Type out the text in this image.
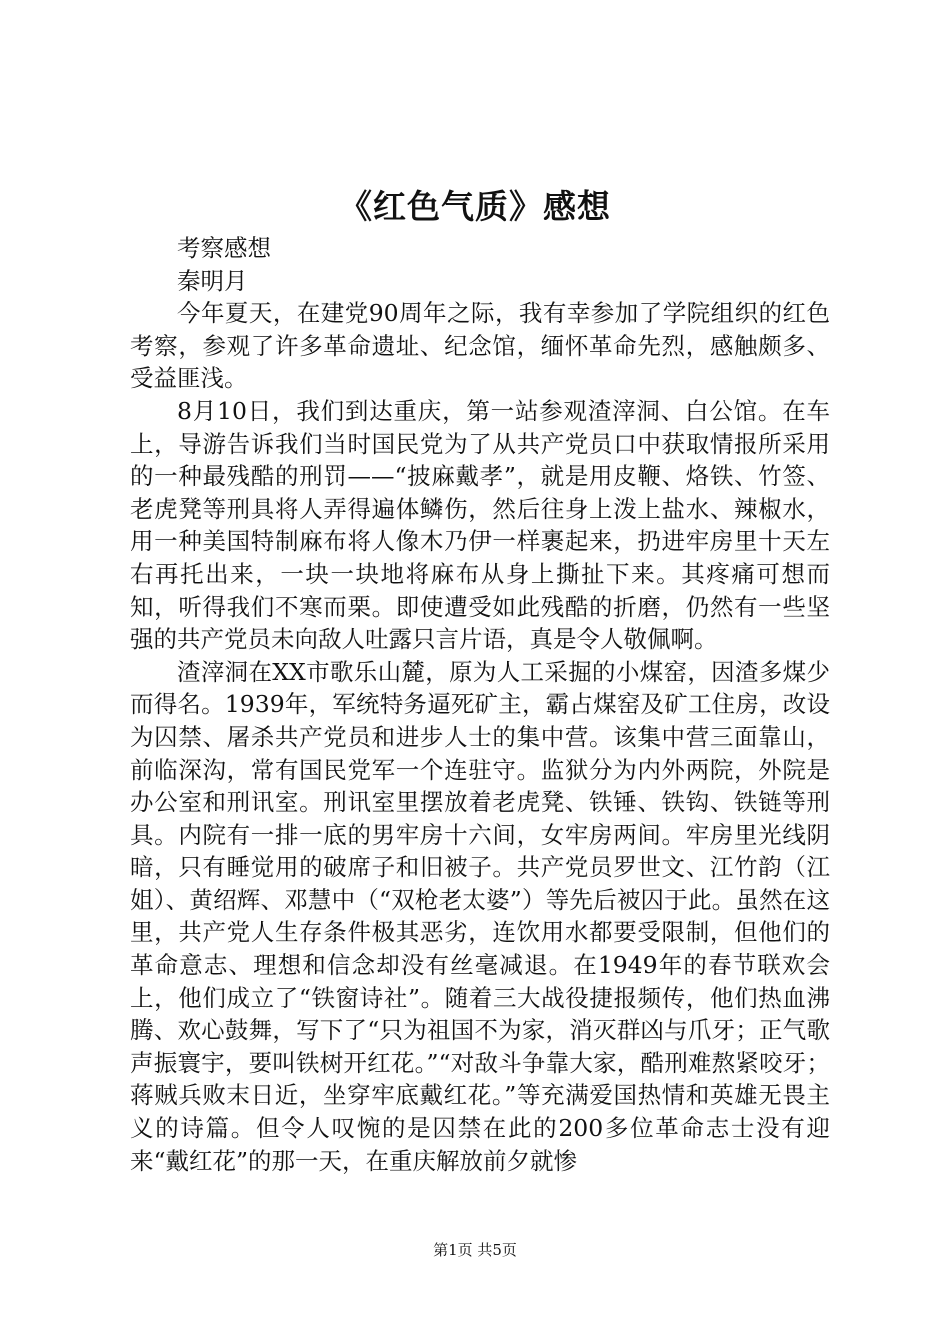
《红色气质》感想

考察感想

秦明月

今年夏天，在建党90周年之际，我有幸参加了学院组织的红色考察，参观了许多革命遗址、纪念馆，缅怀革命先烈，感触颇多、受益匪浅。

8月10日，我们到达重庆，第一站参观渣滓洞、白公馆。在车上，导游告诉我们当时国民党为了从共产党员口中获取情报所采用的一种最残酷的刑罚——“披麻戴孝”，就是用皮鞭、烙铁、竹签、老虎凳等刑具将人弄得遍体鳞伤，然后往身上泼上盐水、辣椒水，用一种美国特制麻布将人像木乃伊一样裹起来，扔进牢房里十天左右再托出来，一块一块地将麻布从身上撕扯下来。其疼痛可想而知，听得我们不寒而栗。即使遭受如此残酷的折磨，仍然有一些坚强的共产党员未向敌人吐露只言片语，真是令人敬佩啊。

渣滓洞在XX市歌乐山麓，原为人工采掘的小煤窑，因渣多煤少而得名。1939年，军统特务逼死矿主，霸占煤窑及矿工住房，改设为囚禁、屠杀共产党员和进步人士的集中营。该集中营三面靠山，前临深沟，常有国民党军一个连驻守。监狱分为内外两院，外院是办公室和刑讯室。刑讯室里摆放着老虎凳、铁锤、铁钩、铁链等刑具。内院有一排一底的男牢房十六间，女牢房两间。牢房里光线阴暗，只有睡觉用的破席子和旧被子。共产党员罗世文、江竹韵（江姐）、黄绍辉、邓慧中（“双枪老太婆”）等先后被囚于此。虽然在这里，共产党人生存条件极其恶劣，连饮用水都要受限制，但他们的革命意志、理想和信念却没有丝毫减退。在1949年的春节联欢会上，他们成立了“铁窗诗社”。随着三大战役捷报频传，他们热血沸腾、欢心鼓舞，写下了“只为祖国不为家，消灭群凶与爪牙；正气歌声振寰宇，要叫铁树开红花。”“对敌斗争靠大家，酷刑难熬紧咬牙；蒋贼兵败末日近，坐穿牢底戴红花。”等充满爱国热情和英雄无畏主义的诗篇。但令人叹惋的是囚禁在此的200多位革命志士没有迎来“戴红花”的那一天，在重庆解放前夕就惨

第1页 共5页
